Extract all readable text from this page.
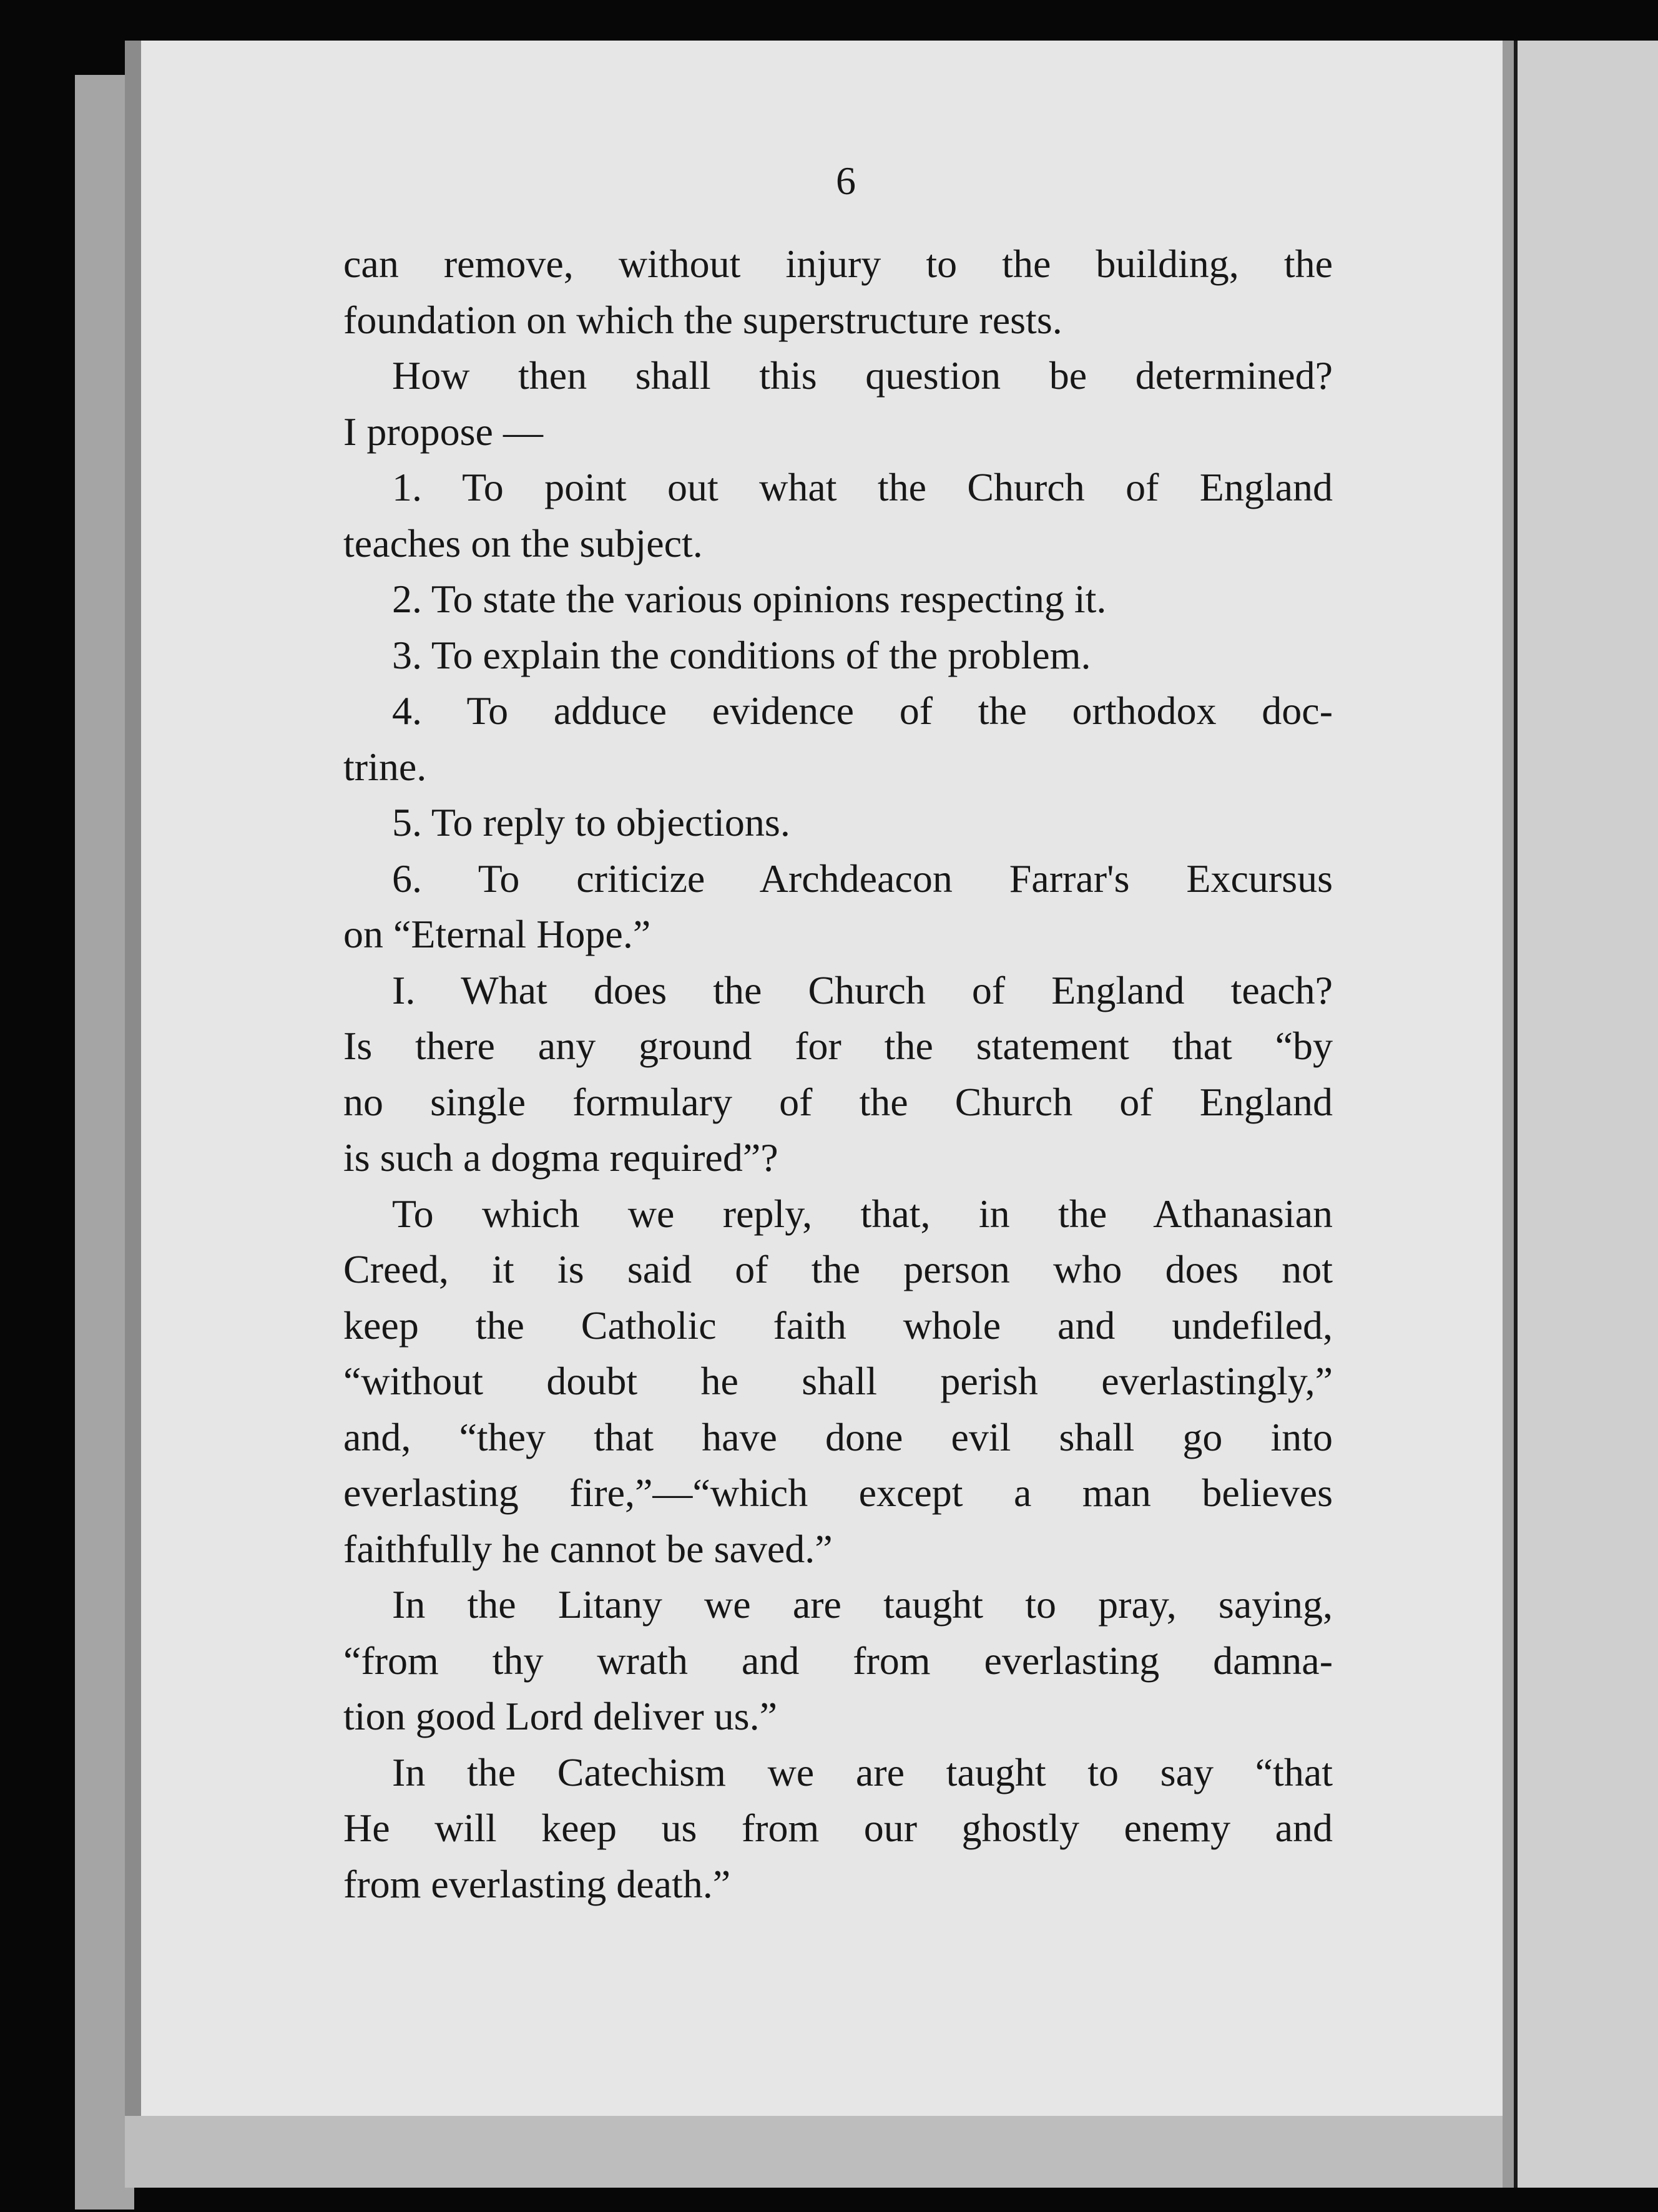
6
can remove, without injury to the building, the
foundation on which the superstructure rests.
How then shall this question be determined?
I propose —
1. To point out what the Church of England
teaches on the subject.
2. To state the various opinions respecting it.
3. To explain the conditions of the problem.
4. To adduce evidence of the orthodox doc-
trine.
5. To reply to objections.
6. To criticize Archdeacon Farrar's Excursus
on “Eternal Hope.”
I. What does the Church of England teach?
Is there any ground for the statement that “by
no single formulary of the Church of England
is such a dogma required”?
To which we reply, that, in the Athanasian
Creed, it is said of the person who does not
keep the Catholic faith whole and undefiled,
“without doubt he shall perish everlastingly,”
and, “they that have done evil shall go into
everlasting fire,”—“which except a man believes
faithfully he cannot be saved.”
In the Litany we are taught to pray, saying,
“from thy wrath and from everlasting damna-
tion good Lord deliver us.”
In the Catechism we are taught to say “that
He will keep us from our ghostly enemy and
from everlasting death.”
